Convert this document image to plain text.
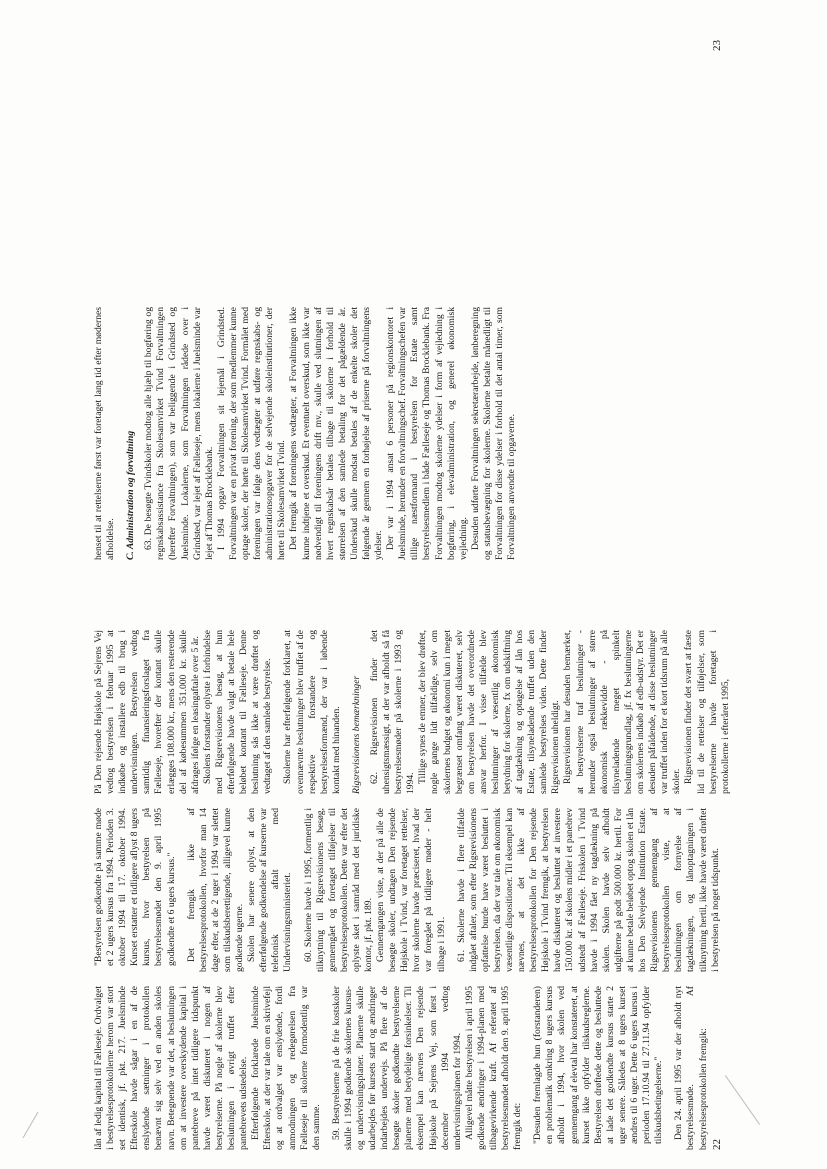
lån af ledig kapital til Fælleseje. Ordvalget i bestyrelsesprotokollerne herom var stort set identisk, jf. pkt. 217. Juelsminde Efterskole havde sågar i en af de enslydende sætninger i protokollen benævnt sig selv ved en anden skoles navn. Betegnende var det, at beslutningen om at investere overskydende kapital i pantebreve på intet tidligere tidspunkt havde været diskuteret i nogen af bestyrelserne. På nogle af skolerne blev beslutningen i øvrigt truffet efter pantebrevets udstedelse. Efterfølgende forklarede Juelsminde Efterskole, at der var tale om en skrivefejl og at ordvalget var enslydende, fordi anmodningen og redegørelsen fra Fælleseje til skolerne formodentlig var den samme. 59. Bestyrelserne på de frie kostskoler skulle i 1994 godkende skolernes kursus- og undervisningsplaner. Planerne skulle udarbejdes før kursets start og ændringer indarbejdes undervejs. På flere af de besøgte skoler godkendte bestyrelserne planerne med betydelige forsinkelser. Til eksempel kan nævnes Den rejsende Højskole på Sejrens Vej, som først i december 1994 vedtog undervisningsplanen for 1994. Alligevel måtte bestyrelsen i april 1995 godkende ændringer i 1994-planen med tilbagevirkende kraft. Af referatet af bestyrelsesmødet afholdt den 9. april 1995 fremgik det: "Desuden fremlagde hun (forstanderen) en problematik omkring 8 ugers kursus afholdt i 1994, hvor skolen ved gennemgang af elevtal har konstateret, at kurset ikke opfylder tilskudsreglerne. Bestyrelsen drøftede dette og besluttede at lade det godkendte kursus starte 2 uger senere. Således at 8 ugers kurset ændres til 6 uger. Dette 6 ugers kursus i perioden 17.10.94 til 27.11.94 opfylder tilskudsbetingelserne." Den 24. april 1995 var der afholdt nyt bestyrelsesmøde. Af bestyrelsesprotokollen fremgik:

"Bestyrelsen godkendte på samme møde et 2 ugers kursus fra 1994. Perioden 3. oktober 1994 til 17. oktober 1994. Kurset erstatter et tidligere aflyst 8 ugers kursus, hvor bestyrelsen på bestyrelsesmødet den 9. april 1995 godkendte et 6 ugers kursus." Det fremgik ikke af bestyrelsesprotokollen, hvorfor man 14 dage efter, at de 2 uger i 1994 var slettet som tilskudsberettigende, alligevel kunne godkende ugerne. Skolen har senere oplyst, at den efterfølgende godkendelse af kurserne var telefonisk aftalt med Undervisningsministeriet. 60. Skolerne havde i 1995, formentlig i tilknytning til Rigsrevisionens besøg, gennemgået og foretaget tilføjelser til bestyrelsesprotokollen. Dette var efter det oplyste sket i samråd med det juridiske kontor, jf. pkt. 189. Gennemgangen viste, at der på alle de besøgte skoler, undtagen Den rejsende Højskole i Tvind, var foretaget rettelser, hvor skolerne havde præciseret, hvad der var foregået på tidligere møder - helt tilbage i 1991. 61. Skolerne havde i flere tilfælde indgået aftaler, som efter Rigsrevisionens opfattelse burde have været besluttet i bestyrelsen, da der var tale om økonomisk væsentlige dispositioner. Til eksempel kan nævnes, at det ikke af bestyrelsesprotokollen for Den rejsende Højskole i Tvind fremgik, at bestyrelsen havde diskuteret og besluttet at investere 150.000 kr. af skolens midler i et panebrev udstedt af Fælleseje. Friskolen i Tvind havde i 1994 fået ny tagdækning på skolen. Skolen havde selv afholdt udgifterne på godt 500.000 kr. hertil. For at kunne betale beløbet optog skolen et lån hos Den Selvejende Institution Estate. Rigsrevisionens gennemgang af bestyrelsesprotokollen viste, at beslutningen om fornyelse af tagdækningen, og lånoptagningen i tilknytning hertil, ikke havde været drøftet i bestyrelsen på noget tidspunkt.

På Den rejsende Højskole på Sejrens Vej vedtog bestyrelsen i februar 1995 at indkøbe og installere edb til brug i undervisningen. Bestyrelsen vedtog samtidig finansieringsforslaget fra Fælleseje, hvorefter der kontant skulle erlægges 108.000 kr., mens den resterende del af købesummen 351.000 kr. skulle afdrages ifølge en leasingaftale over 5 år. Skolens forstander oplyste i forbindelse med Rigsrevisionens besøg, at hun efterfølgende havde valgt at betale hele beløbet kontant til Fælleseje. Denne beslutning sås ikke at være drøftet og vedtaget af den samlede bestyrelse. Skolerne har efterfølgende forklaret, at ovennævnte beslutninger blev truffet af de respektive forstandere og bestyrelsesformænd, der var i løbende kontakt med hinanden. Rigsrevisionens bemærkninger 62. Rigsrevisionen finder det uhensigtsmæssigt, at der var afholdt så få bestyrelsesmøder på skolerne i 1993 og 1994. Tillige synes de emner, der blev drøftet, nogle gange lidt tilfældige, selv om skolernes budget og økonomi kun i meget begrænset omfang været diskuteret, selv om bestyrelsen havde det overordnede ansvar herfor. I visse tilfælde blev beslutninger af væsentlig økonomisk betydning for skolerne, fx om udskiftning af tagdækning og optagelse af lån hos Estate, tilsyneladende truffet uden den samlede bestyrelses viden. Dette finder Rigsrevisionen uheldigt. Rigsrevisionen har desuden bemærket, at bestyrelserne traf beslutninger - herunder også beslutninger af større økonomisk rækkevidde - på tilsyneladende meget spinkelt beslutningsgrundlag, jf. fx beslutningerne om skolernes indkøb af edb-udstyr. Det er desuden påfaldende, at disse beslutninger var truffet inden for et kort tidsrum på alle skoler. Rigsrevisionen finder det svært at fæste lid til de rettelser og tilføjelser, som bestyrelserne havde foretaget i protokollerne i efteråret 1995,

22

henset til at rettelserne først var foretaget lang tid efter mødernes afholdelse. C. Administration og forvaltning 63. De besøgte Tvindskoler modtog alle hjælp til bogføring og regnskabsassistance fra Skolesamvirket Tvind Forvaltningen (herefter Forvaltningen), som var beliggende i Grindsted og Juelsminde. Lokalerne, som Forvaltningen rådede over i Grindsted, var lejet af Fælleseje, mens lokalerne i Juelsminde var lejet af Thomas Brocklebank. I 1994 opgav Forvaltningen sit lejemål i Grindsted. Forvaltningen var en privat forening, der som medlemmer kunne optage skoler, der hørte til Skolesamvirket Tvind. Formålet med foreningen var ifølge dens vedtægter at udføre regnskabs- og administrationsopgaver for de selvejende skoleinstitutioner, der hørte til Skolesamvirket Tvind. Det fremgik af foreningens vedtægter, at Forvaltningen ikke kunne indtjene et overskud. Et eventuelt overskud, som ikke var nødvendigt til foreningens drift mv., skulle ved slutningen af hvert regnskabsår betales tilbage til skolerne i forhold til størrelsen af den samlede betaling for det pågældende år. Underskud skulle modsat betales af de enkelte skoler det følgende år gennem en forhøjelse af priserne på forvaltningens ydelser. Der var i 1994 ansat 6 personer på regionskontoret i Juelsminde, herunder en forvaltningschef. Forvaltningschefen var tillige næstformand i bestyrelsen for Estate samt bestyrelsesmedlem i både Fælleseje og Thomas Brocklebank. Fra Forvaltningen modtog skolerne ydelser i form af vejledning i bogføring, i elevadministration, og generel økonomisk vejledning. Desuden udførte Forvaltningen sekretærarbejde, lønberegning og statusbevægning for skolerne. Skolerne betalte månedligt til Forvaltningen for disse ydelser i forhold til det antal timer, som Forvaltningen anvendte til opgaverne.

23
